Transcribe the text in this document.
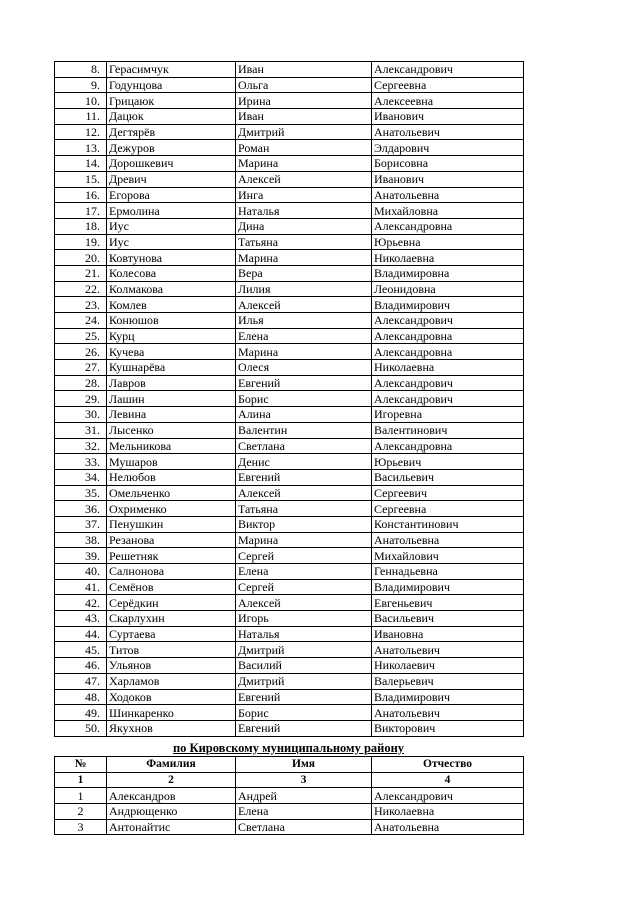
8.	Герасимчук	Иван	Александрович
9.	Годунцова	Ольга	Сергеевна
10.	Грицаюк	Ирина	Алексеевна
11.	Дацюк	Иван	Иванович
12.	Дегтярёв	Дмитрий	Анатольевич
13.	Дежуров	Роман	Элдарович
14.	Дорошкевич	Марина	Борисовна
15.	Древич	Алексей	Иванович
16.	Егорова	Инга	Анатольевна
17.	Ермолина	Наталья	Михайловна
18.	Иус	Дина	Александровна
19.	Иус	Татьяна	Юрьевна
20.	Ковтунова	Марина	Николаевна
21.	Колесова	Вера	Владимировна
22.	Колмакова	Лилия	Леонидовна
23.	Комлев	Алексей	Владимирович
24.	Конюшов	Илья	Александрович
25.	Курц	Елена	Александровна
26.	Кучева	Марина	Александровна
27.	Кушнарёва	Олеся	Николаевна
28.	Лавров	Евгений	Александрович
29.	Лашин	Борис	Александрович
30.	Левина	Алина	Игоревна
31.	Лысенко	Валентин	Валентинович
32.	Мельникова	Светлана	Александровна
33.	Мушаров	Денис	Юрьевич
34.	Нелюбов	Евгений	Васильевич
35.	Омельченко	Алексей	Сергеевич
36.	Охрименко	Татьяна	Сергеевна
37.	Пенушкин	Виктор	Константинович
38.	Резанова	Марина	Анатольевна
39.	Решетняк	Сергей	Михайлович
40.	Салнонова	Елена	Геннадьевна
41.	Семёнов	Сергей	Владимирович
42.	Серёдкин	Алексей	Евгеньевич
43.	Скарлухин	Игорь	Васильевич
44.	Суртаева	Наталья	Ивановна
45.	Титов	Дмитрий	Анатольевич
46.	Ульянов	Василий	Николаевич
47.	Харламов	Дмитрий	Валерьевич
48.	Ходоков	Евгений	Владимирович
49.	Шинкаренко	Борис	Анатольевич
50.	Якухнов	Евгений	Викторович
по Кировскому муниципальному району
№	Фамилия	Имя	Отчество
1	2	3	4
1	Александров	Андрей	Александрович
2	Андрющенко	Елена	Николаевна
3	Антонайтис	Светлана	Анатольевна
